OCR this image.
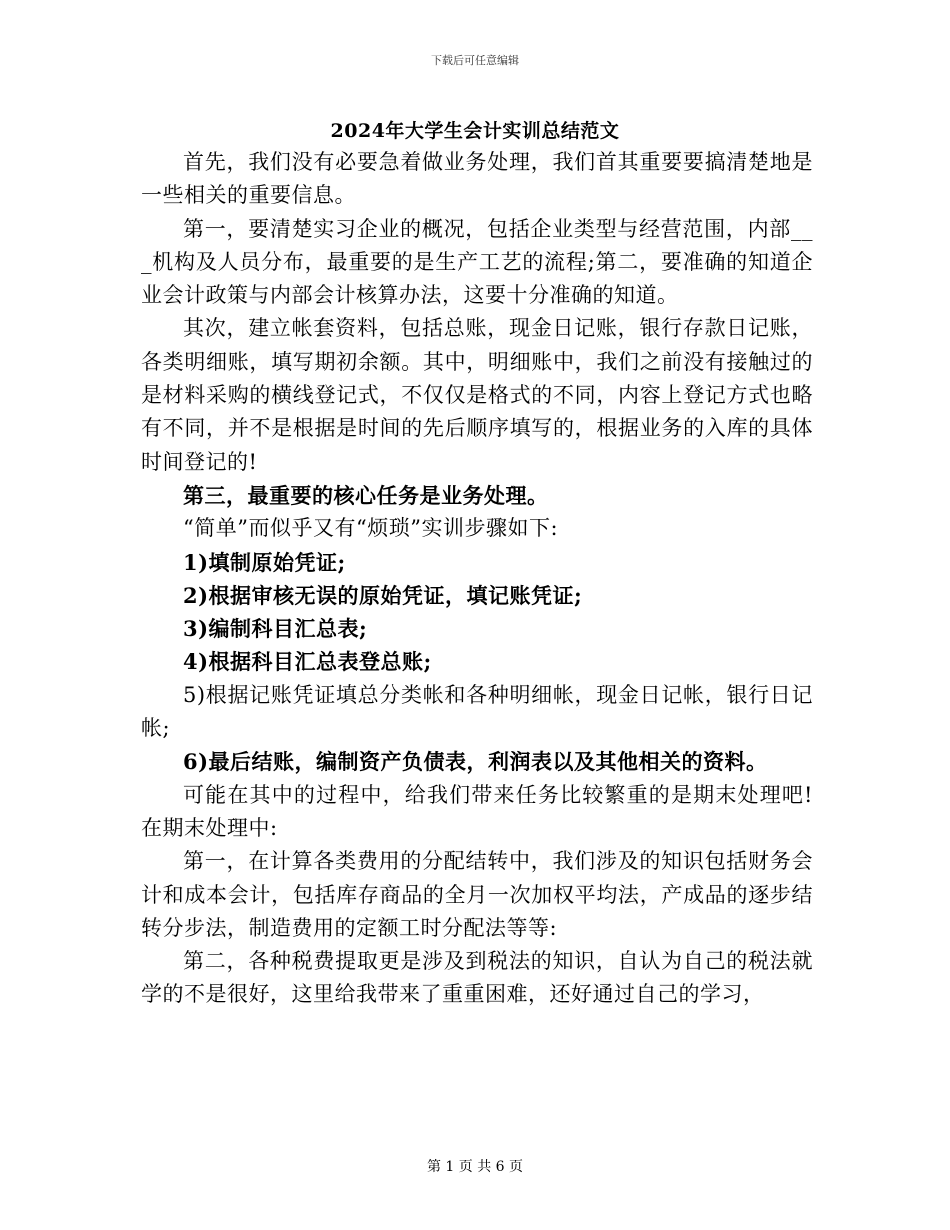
下载后可任意编辑
2024年大学生会计实训总结范文

首先，我们没有必要急着做业务处理，我们首其重要要搞清楚地是一些相关的重要信息。

第一，要清楚实习企业的概况，包括企业类型与经营范围，内部___机构及人员分布，最重要的是生产工艺的流程;第二，要准确的知道企业会计政策与内部会计核算办法，这要十分准确的知道。

其次，建立帐套资料，包括总账，现金日记账，银行存款日记账，各类明细账，填写期初余额。其中，明细账中，我们之前没有接触过的是材料采购的横线登记式，不仅仅是格式的不同，内容上登记方式也略有不同，并不是根据是时间的先后顺序填写的，根据业务的入库的具体时间登记的!

第三，最重要的核心任务是业务处理。

“简单”而似乎又有“烦琐”实训步骤如下:

1)填制原始凭证;

2)根据审核无误的原始凭证，填记账凭证;

3)编制科目汇总表;

4)根据科目汇总表登总账;

5)根据记账凭证填总分类帐和各种明细帐，现金日记帐，银行日记帐;

6)最后结账，编制资产负债表，利润表以及其他相关的资料。

可能在其中的过程中，给我们带来任务比较繁重的是期末处理吧!在期末处理中:

第一，在计算各类费用的分配结转中，我们涉及的知识包括财务会计和成本会计，包括库存商品的全月一次加权平均法，产成品的逐步结转分步法，制造费用的定额工时分配法等等:

第二，各种税费提取更是涉及到税法的知识，自认为自己的税法就学的不是很好，这里给我带来了重重困难，还好通过自己的学习，

第 1 页 共 6 页
